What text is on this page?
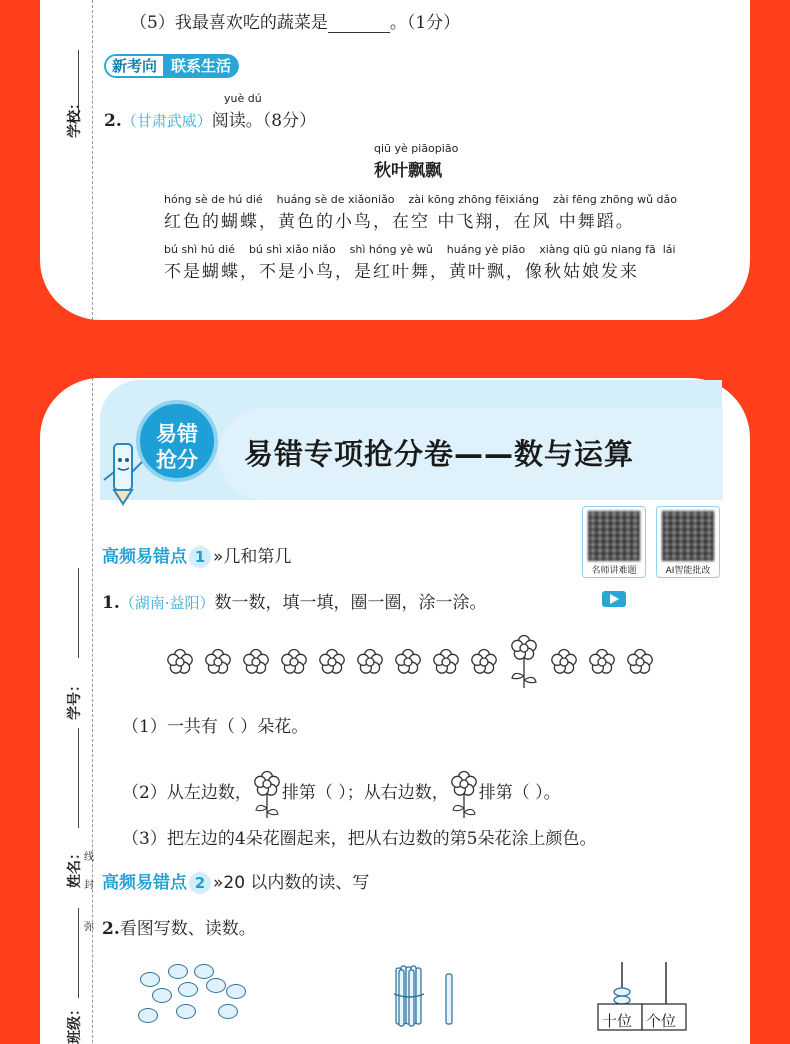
学校：
（5）我最喜欢吃的蔬菜是	。（1分）
新考向 联系生活
yuè dú
2.（甘肃武威）阅读。（8分）
qiū yè piāopiāo
秋叶飘飘
hóng sè de hú dié    huáng sè de xiǎoniǎo    zài kōng zhōng fēixiáng    zài fēng zhōng wǔ dǎo
红色的蝴蝶，黄色的小鸟，在空 中飞翔，在风 中舞蹈。
bú shì hú dié    bú shì xiǎo niǎo    shì hóng yè wǔ    huáng yè piāo    xiàng qiū gū niang fā  lái
不是蝴蝶，不是小鸟，是红叶舞，黄叶飘，像秋姑娘发来
学号：
姓名： 线
封
弥
班级：
易错
抢分	易错专项抢分卷——数与运算
名师讲难题	AI智能批改
高频易错点 1 »几和第几
1.（湖南·益阳）数一数，填一填，圈一圈，涂一涂。
（1）一共有（ ）朵花。
（2）从左边数， 排第（ ）；从右边数， 排第（ ）。
（3）把左边的4朵花圈起来，把从右边数的第5朵花涂上颜色。
高频易错点 2 »20 以内数的读、写
2.看图写数、读数。
十位 个位
